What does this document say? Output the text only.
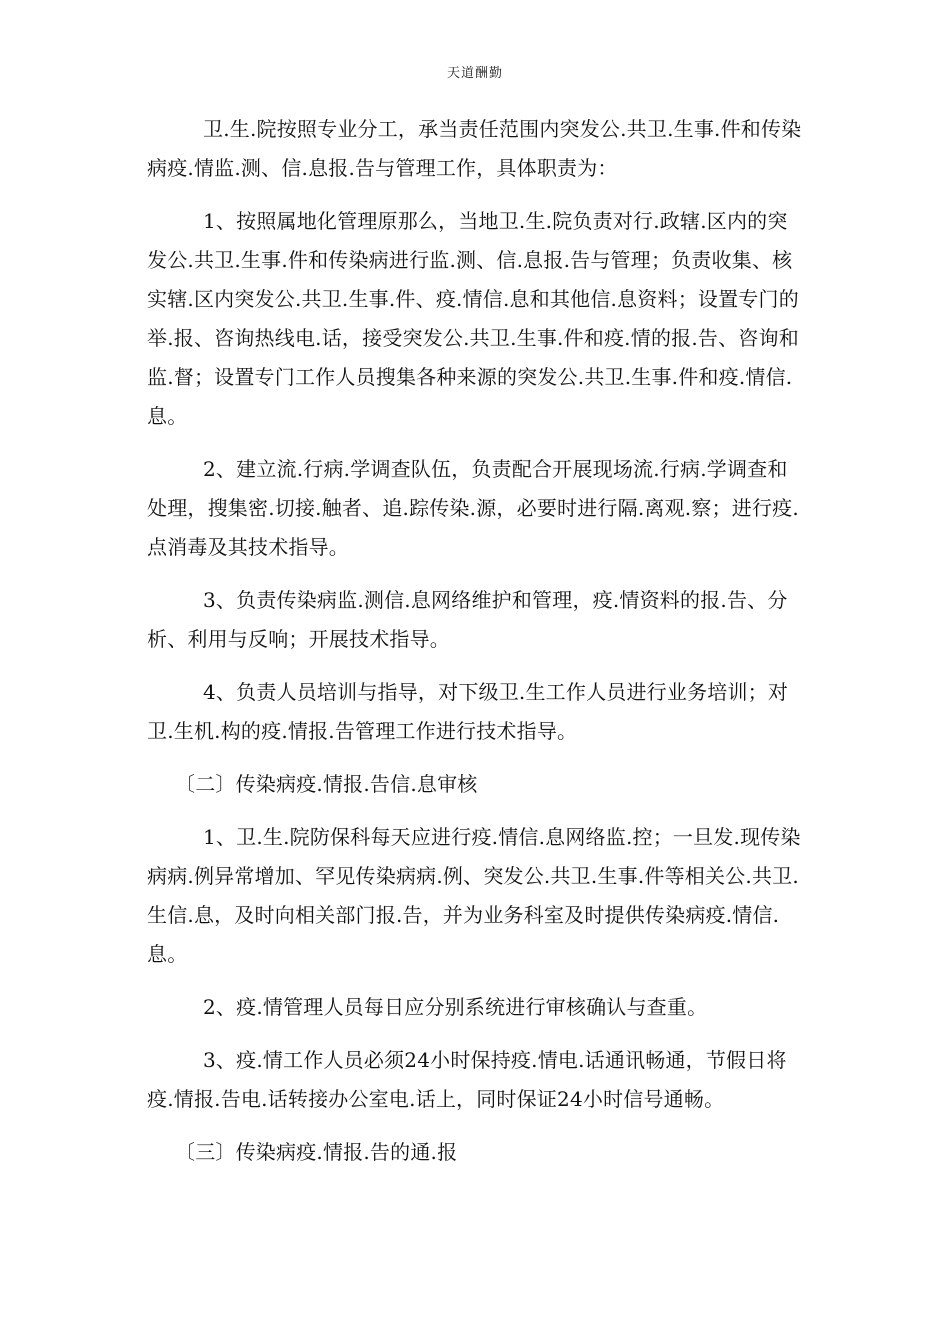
天道酬勤

卫.生.院按照专业分工，承当责任范围内突发公.共卫.生事.件和传染病疫.情监.测、信.息报.告与管理工作，具体职责为：

1、按照属地化管理原那么，当地卫.生.院负责对行.政辖.区内的突发公.共卫.生事.件和传染病进行监.测、信.息报.告与管理；负责收集、核实辖.区内突发公.共卫.生事.件、疫.情信.息和其他信.息资料；设置专门的举.报、咨询热线电.话，接受突发公.共卫.生事.件和疫.情的报.告、咨询和监.督；设置专门工作人员搜集各种来源的突发公.共卫.生事.件和疫.情信.息。

2、建立流.行病.学调查队伍，负责配合开展现场流.行病.学调查和处理，搜集密.切接.触者、追.踪传染.源，必要时进行隔.离观.察；进行疫.点消毒及其技术指导。

3、负责传染病监.测信.息网络维护和管理，疫.情资料的报.告、分析、利用与反响；开展技术指导。

4、负责人员培训与指导，对下级卫.生工作人员进行业务培训；对卫.生机.构的疫.情报.告管理工作进行技术指导。

〔二〕传染病疫.情报.告信.息审核

1、卫.生.院防保科每天应进行疫.情信.息网络监.控；一旦发.现传染病病.例异常增加、罕见传染病病.例、突发公.共卫.生事.件等相关公.共卫.生信.息，及时向相关部门报.告，并为业务科室及时提供传染病疫.情信.息。

2、疫.情管理人员每日应分别系统进行审核确认与查重。

3、疫.情工作人员必须24小时保持疫.情电.话通讯畅通，节假日将疫.情报.告电.话转接办公室电.话上，同时保证24小时信号通畅。

〔三〕传染病疫.情报.告的通.报
